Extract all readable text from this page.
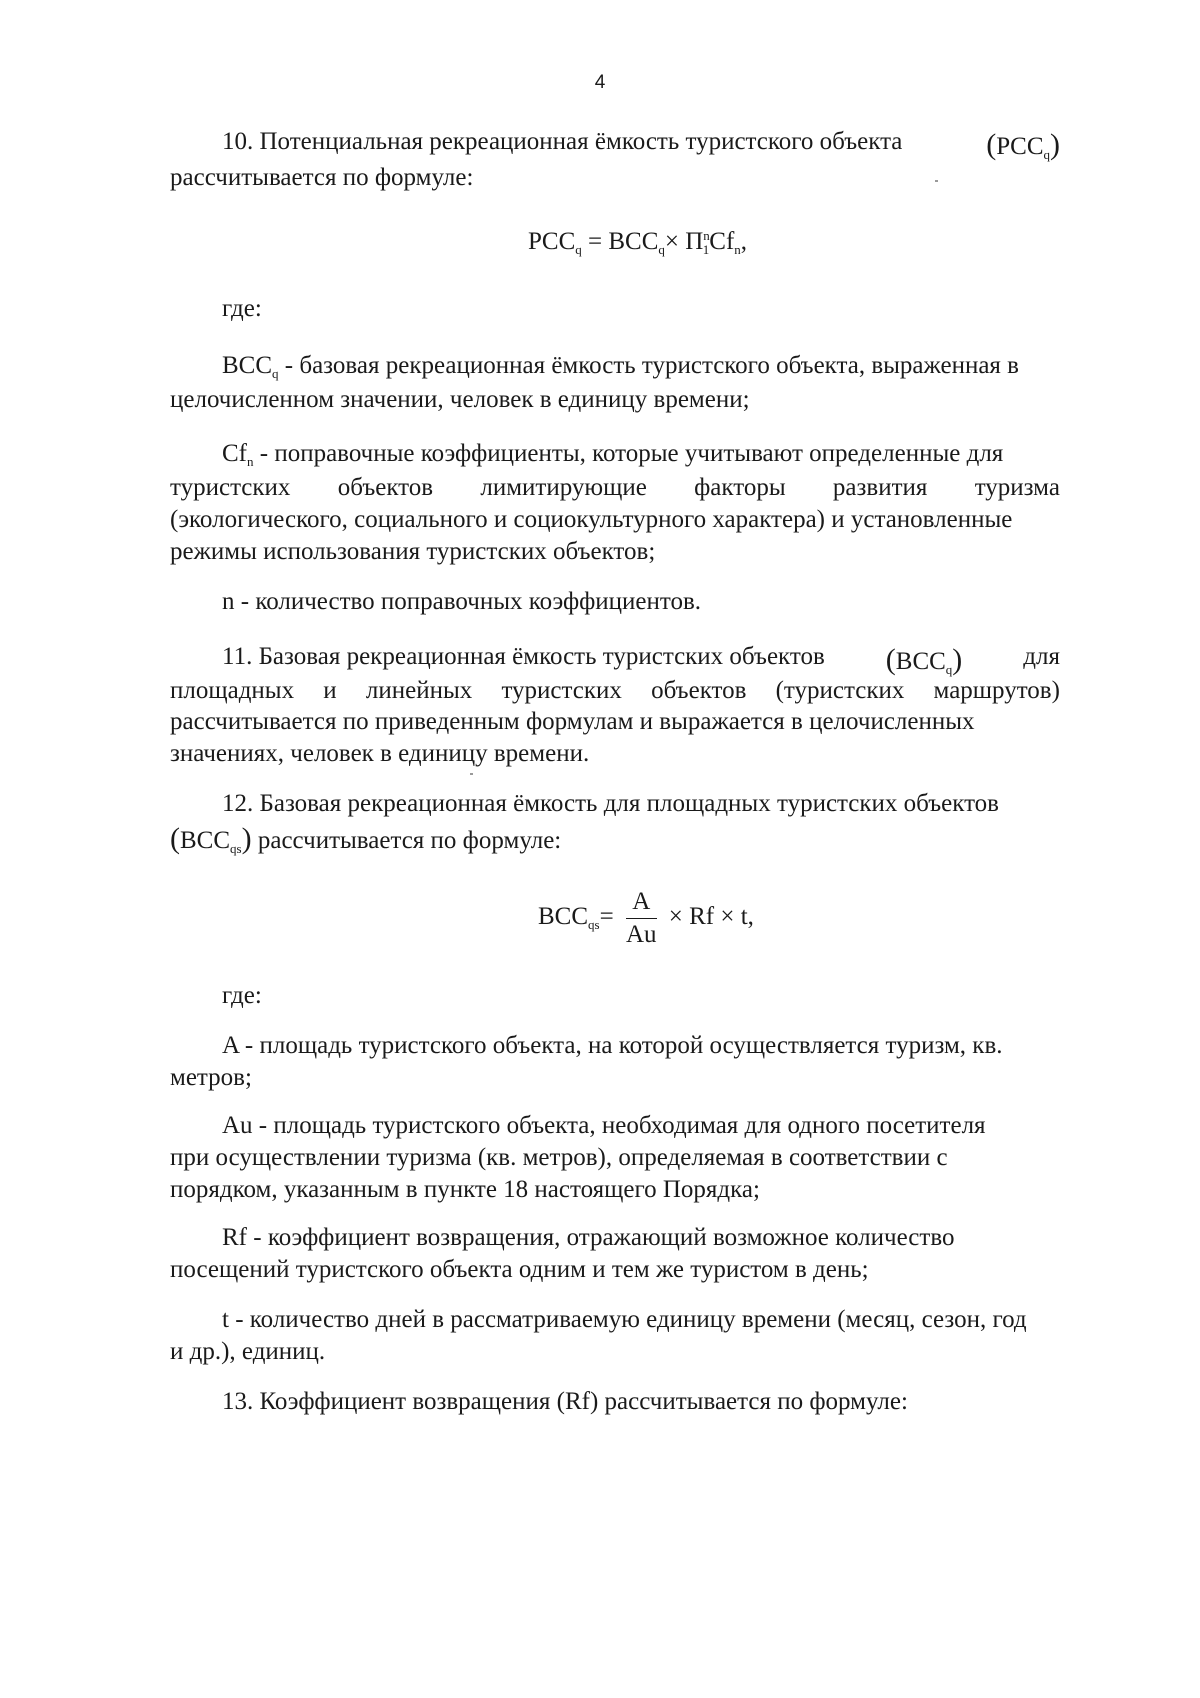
4
10. Потенциальная рекреационная ёмкость туристского объекта	$(PCC_q)$
рассчитывается по формуле:
$PCC_q = BCC_q\times П^n_1Cf_n$,
где:
$BCC_q$ - базовая рекреационная ёмкость туристского объекта, выраженная в
целочисленном значении, человек в единицу времени;
$Cf_n$ - поправочные коэффициенты, которые учитывают определенные для
туристских объектов лимитирующие факторы развития туризма
(экологического, социального и социокультурного характера) и установленные
режимы использования туристских объектов;
n - количество поправочных коэффициентов.
11. Базовая рекреационная ёмкость туристских объектов $(BCC_q)$ для
площадных и линейных туристских объектов (туристских маршрутов)
рассчитывается по приведенным формулам и выражается в целочисленных
значениях, человек в единицу времени.
12. Базовая рекреационная ёмкость для площадных туристских объектов
$(BCC_{qs})$ рассчитывается по формуле:
$BCC_{qs}= \frac{A}{Au} \times Rf \times t$,
где:
A - площадь туристского объекта, на которой осуществляется туризм, кв.
метров;
Au - площадь туристского объекта, необходимая для одного посетителя
при осуществлении туризма (кв. метров), определяемая в соответствии с
порядком, указанным в пункте 18 настоящего Порядка;
Rf - коэффициент возвращения, отражающий возможное количество
посещений туристского объекта одним и тем же туристом в день;
t - количество дней в рассматриваемую единицу времени (месяц, сезон, год
и др.), единиц.
13. Коэффициент возвращения (Rf) рассчитывается по формуле:
